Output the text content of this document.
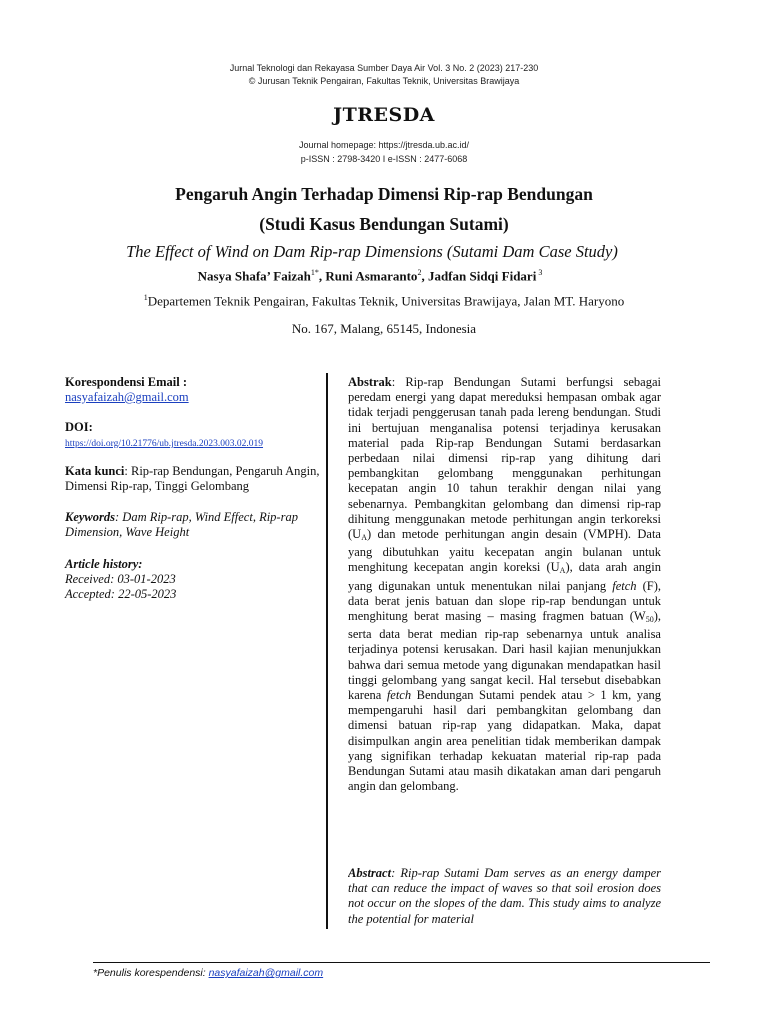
Jurnal Teknologi dan Rekayasa Sumber Daya Air Vol. 3 No. 2 (2023) 217-230
© Jurusan Teknik Pengairan, Fakultas Teknik, Universitas Brawijaya
JTRESDA
Journal homepage: https://jtresda.ub.ac.id/
p-ISSN : 2798-3420 I e-ISSN : 2477-6068
Pengaruh Angin Terhadap Dimensi Rip-rap Bendungan
(Studi Kasus Bendungan Sutami)
The Effect of Wind on Dam Rip-rap Dimensions (Sutami Dam Case Study)
Nasya Shafa’ Faizah$^{1*}$, Runi Asmaranto$^2$, Jadfan Sidqi Fidari $^3$
$^1$Departemen Teknik Pengairan, Fakultas Teknik, Universitas Brawijaya, Jalan MT. Haryono
No. 167, Malang, 65145, Indonesia
Korespondensi Email :
nasyafaizah@gmail.com
DOI:
https://doi.org/10.21776/ub.jtresda.2023.003.02.019
Kata kunci: Rip-rap Bendungan, Pengaruh Angin, Dimensi Rip-rap, Tinggi Gelombang
Keywords: Dam Rip-rap, Wind Effect, Rip-rap Dimension, Wave Height
Article history:
Received: 03-01-2023
Accepted: 22-05-2023
Abstrak: Rip-rap Bendungan Sutami berfungsi sebagai peredam energi yang dapat mereduksi hempasan ombak agar tidak terjadi penggerusan tanah pada lereng bendungan. Studi ini bertujuan menganalisa potensi terjadinya kerusakan material pada Rip-rap Bendungan Sutami berdasarkan perbedaan nilai dimensi rip-rap yang dihitung dari pembangkitan gelombang menggunakan perhitungan kecepatan angin 10 tahun terakhir dengan nilai yang sebenarnya. Pembangkitan gelombang dan dimensi rip-rap dihitung menggunakan metode perhitungan angin terkoreksi $(U_A)$ dan metode perhitungan angin desain (VMPH). Data yang dibutuhkan yaitu kecepatan angin bulanan untuk menghitung kecepatan angin koreksi $(U_A)$, data arah angin yang digunakan untuk menentukan nilai panjang fetch (F), data berat jenis batuan dan slope rip-rap bendungan untuk menghitung berat masing – masing fragmen batuan $(W_{50})$, serta data berat median rip-rap sebenarnya untuk analisa terjadinya potensi kerusakan. Dari hasil kajian menunjukkan bahwa dari semua metode yang digunakan mendapatkan hasil tinggi gelombang yang sangat kecil. Hal tersebut disebabkan karena fetch Bendungan Sutami pendek atau > 1 km, yang mempengaruhi hasil dari pembangkitan gelombang dan dimensi batuan rip-rap yang didapatkan. Maka, dapat disimpulkan angin area penelitian tidak memberikan dampak yang signifikan terhadap kekuatan material rip-rap pada Bendungan Sutami atau masih dikatakan aman dari pengaruh angin dan gelombang.
Abstract: Rip-rap Sutami Dam serves as an energy damper that can reduce the impact of waves so that soil erosion does not occur on the slopes of the dam. This study aims to analyze the potential for material
*Penulis korespendensi: nasyafaizah@gmail.com
